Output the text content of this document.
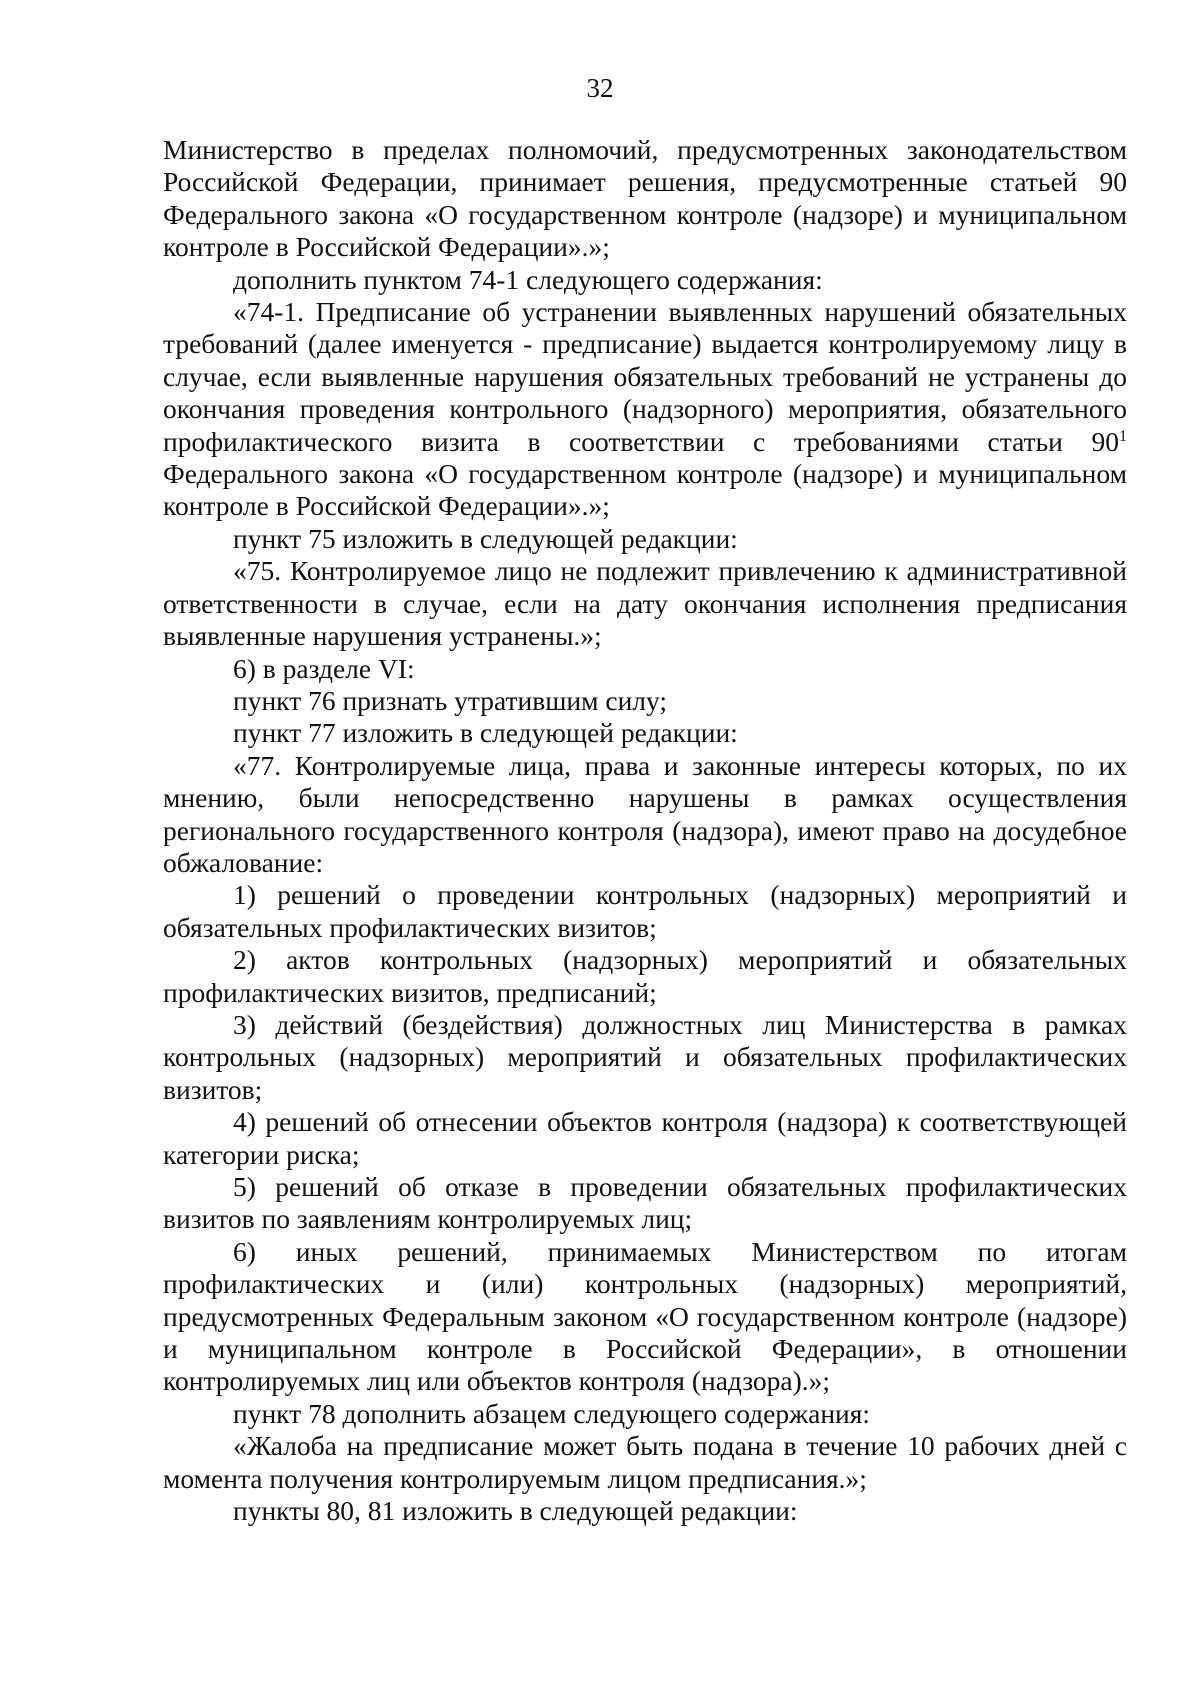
32

Министерство в пределах полномочий, предусмотренных законодательством Российской Федерации, принимает решения, предусмотренные статьей 90 Федерального закона «О государственном контроле (надзоре) и муниципальном контроле в Российской Федерации».»;

дополнить пунктом 74-1 следующего содержания:

«74-1. Предписание об устранении выявленных нарушений обязательных требований (далее именуется - предписание) выдается контролируемому лицу в случае, если выявленные нарушения обязательных требований не устранены до окончания проведения контрольного (надзорного) мероприятия, обязательного профилактического визита в соответствии с требованиями статьи $90^1$ Федерального закона «О государственном контроле (надзоре) и муниципальном контроле в Российской Федерации».»;

пункт 75 изложить в следующей редакции:

«75. Контролируемое лицо не подлежит привлечению к административной ответственности в случае, если на дату окончания исполнения предписания выявленные нарушения устранены.»;

6) в разделе VI:

пункт 76 признать утратившим силу;

пункт 77 изложить в следующей редакции:

«77. Контролируемые лица, права и законные интересы которых, по их мнению, были непосредственно нарушены в рамках осуществления регионального государственного контроля (надзора), имеют право на досудебное обжалование:

1) решений о проведении контрольных (надзорных) мероприятий и обязательных профилактических визитов;

2) актов контрольных (надзорных) мероприятий и обязательных профилактических визитов, предписаний;

3) действий (бездействия) должностных лиц Министерства в рамках контрольных (надзорных) мероприятий и обязательных профилактических визитов;

4) решений об отнесении объектов контроля (надзора) к соответствующей категории риска;

5) решений об отказе в проведении обязательных профилактических визитов по заявлениям контролируемых лиц;

6) иных решений, принимаемых Министерством по итогам профилактических и (или) контрольных (надзорных) мероприятий, предусмотренных Федеральным законом «О государственном контроле (надзоре) и муниципальном контроле в Российской Федерации», в отношении контролируемых лиц или объектов контроля (надзора).»;

пункт 78 дополнить абзацем следующего содержания:

«Жалоба на предписание может быть подана в течение 10 рабочих дней с момента получения контролируемым лицом предписания.»;

пункты 80, 81 изложить в следующей редакции:
